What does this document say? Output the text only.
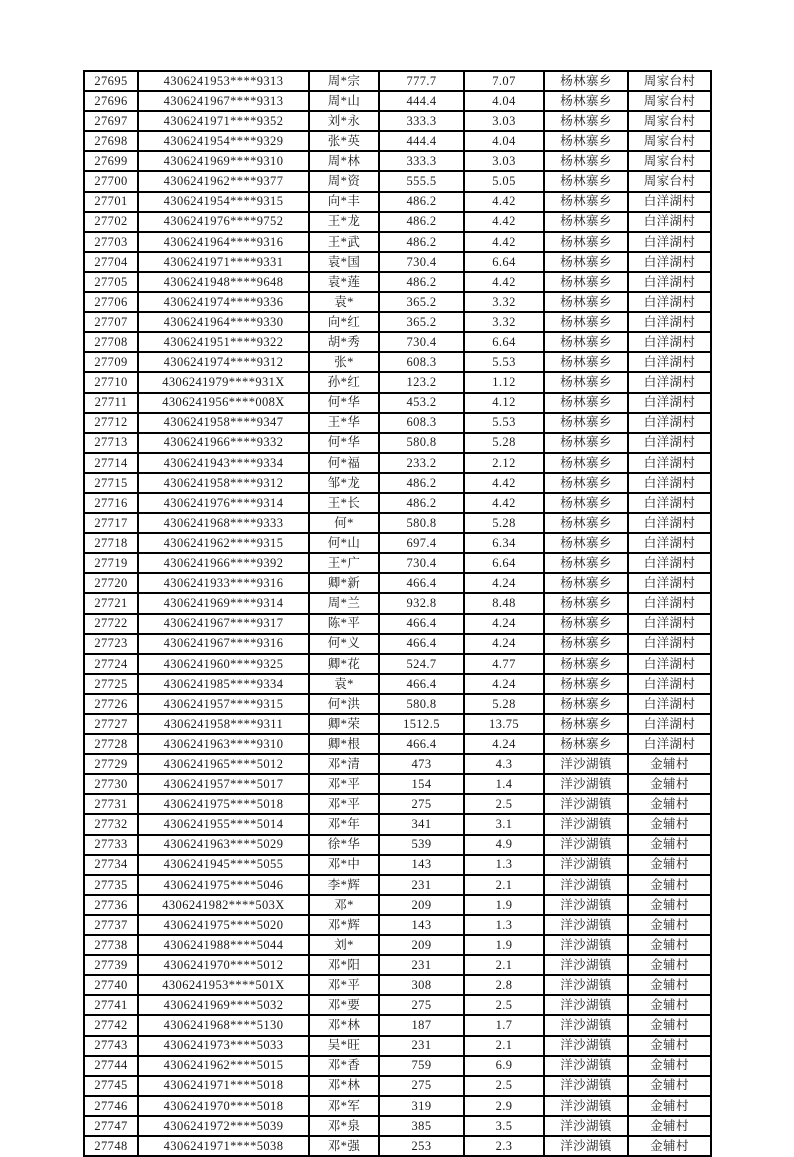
27695	4306241953****9313	周*宗	777.7	7.07	杨林寨乡	周家台村
27696	4306241967****9313	周*山	444.4	4.04	杨林寨乡	周家台村
27697	4306241971****9352	刘*永	333.3	3.03	杨林寨乡	周家台村
27698	4306241954****9329	张*英	444.4	4.04	杨林寨乡	周家台村
27699	4306241969****9310	周*林	333.3	3.03	杨林寨乡	周家台村
27700	4306241962****9377	周*资	555.5	5.05	杨林寨乡	周家台村
27701	4306241954****9315	向*丰	486.2	4.42	杨林寨乡	白洋湖村
27702	4306241976****9752	王*龙	486.2	4.42	杨林寨乡	白洋湖村
27703	4306241964****9316	王*武	486.2	4.42	杨林寨乡	白洋湖村
27704	4306241971****9331	袁*国	730.4	6.64	杨林寨乡	白洋湖村
27705	4306241948****9648	袁*莲	486.2	4.42	杨林寨乡	白洋湖村
27706	4306241974****9336	袁*	365.2	3.32	杨林寨乡	白洋湖村
27707	4306241964****9330	向*红	365.2	3.32	杨林寨乡	白洋湖村
27708	4306241951****9322	胡*秀	730.4	6.64	杨林寨乡	白洋湖村
27709	4306241974****9312	张*	608.3	5.53	杨林寨乡	白洋湖村
27710	4306241979****931X	孙*红	123.2	1.12	杨林寨乡	白洋湖村
27711	4306241956****008X	何*华	453.2	4.12	杨林寨乡	白洋湖村
27712	4306241958****9347	王*华	608.3	5.53	杨林寨乡	白洋湖村
27713	4306241966****9332	何*华	580.8	5.28	杨林寨乡	白洋湖村
27714	4306241943****9334	何*福	233.2	2.12	杨林寨乡	白洋湖村
27715	4306241958****9312	邹*龙	486.2	4.42	杨林寨乡	白洋湖村
27716	4306241976****9314	王*长	486.2	4.42	杨林寨乡	白洋湖村
27717	4306241968****9333	何*	580.8	5.28	杨林寨乡	白洋湖村
27718	4306241962****9315	何*山	697.4	6.34	杨林寨乡	白洋湖村
27719	4306241966****9392	王*广	730.4	6.64	杨林寨乡	白洋湖村
27720	4306241933****9316	卿*新	466.4	4.24	杨林寨乡	白洋湖村
27721	4306241969****9314	周*兰	932.8	8.48	杨林寨乡	白洋湖村
27722	4306241967****9317	陈*平	466.4	4.24	杨林寨乡	白洋湖村
27723	4306241967****9316	何*义	466.4	4.24	杨林寨乡	白洋湖村
27724	4306241960****9325	卿*花	524.7	4.77	杨林寨乡	白洋湖村
27725	4306241985****9334	袁*	466.4	4.24	杨林寨乡	白洋湖村
27726	4306241957****9315	何*洪	580.8	5.28	杨林寨乡	白洋湖村
27727	4306241958****9311	卿*荣	1512.5	13.75	杨林寨乡	白洋湖村
27728	4306241963****9310	卿*根	466.4	4.24	杨林寨乡	白洋湖村
27729	4306241965****5012	邓*清	473	4.3	洋沙湖镇	金辅村
27730	4306241957****5017	邓*平	154	1.4	洋沙湖镇	金辅村
27731	4306241975****5018	邓*平	275	2.5	洋沙湖镇	金辅村
27732	4306241955****5014	邓*年	341	3.1	洋沙湖镇	金辅村
27733	4306241963****5029	徐*华	539	4.9	洋沙湖镇	金辅村
27734	4306241945****5055	邓*中	143	1.3	洋沙湖镇	金辅村
27735	4306241975****5046	李*辉	231	2.1	洋沙湖镇	金辅村
27736	4306241982****503X	邓*	209	1.9	洋沙湖镇	金辅村
27737	4306241975****5020	邓*辉	143	1.3	洋沙湖镇	金辅村
27738	4306241988****5044	刘*	209	1.9	洋沙湖镇	金辅村
27739	4306241970****5012	邓*阳	231	2.1	洋沙湖镇	金辅村
27740	4306241953****501X	邓*平	308	2.8	洋沙湖镇	金辅村
27741	4306241969****5032	邓*要	275	2.5	洋沙湖镇	金辅村
27742	4306241968****5130	邓*林	187	1.7	洋沙湖镇	金辅村
27743	4306241973****5033	吴*旺	231	2.1	洋沙湖镇	金辅村
27744	4306241962****5015	邓*香	759	6.9	洋沙湖镇	金辅村
27745	4306241971****5018	邓*林	275	2.5	洋沙湖镇	金辅村
27746	4306241970****5018	邓*军	319	2.9	洋沙湖镇	金辅村
27747	4306241972****5039	邓*泉	385	3.5	洋沙湖镇	金辅村
27748	4306241971****5038	邓*强	253	2.3	洋沙湖镇	金辅村
